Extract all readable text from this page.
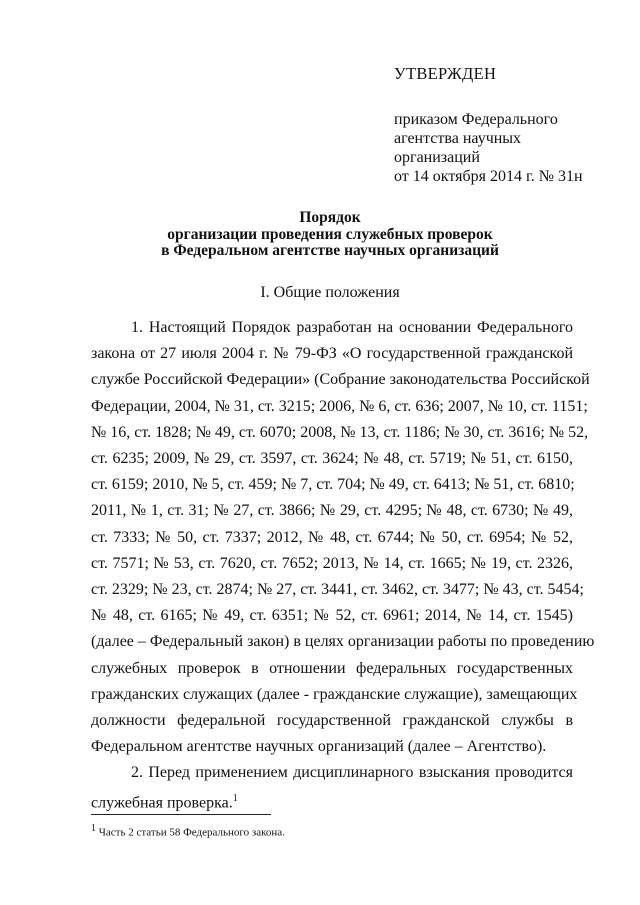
УТВЕРЖДЕН
приказом Федерального
агентства научных
организаций
от 14 октября 2014 г. № 31н
Порядок
организации проведения служебных проверок
в Федеральном агентстве научных организаций
I. Общие положения
1. Настоящий Порядок разработан на основании Федерального
закона от 27 июля 2004 г. № 79-ФЗ «О государственной гражданской
службе Российской Федерации» (Собрание законодательства Российской
Федерации, 2004, № 31, ст. 3215; 2006, № 6, ст. 636; 2007, № 10, ст. 1151;
№ 16, ст. 1828; № 49, ст. 6070; 2008, № 13, ст. 1186; № 30, ст. 3616; № 52,
ст. 6235; 2009, № 29, ст. 3597, ст. 3624; № 48, ст. 5719; № 51, ст. 6150,
ст. 6159; 2010, № 5, ст. 459; № 7, ст. 704; № 49, ст. 6413; № 51, ст. 6810;
2011, № 1, ст. 31; № 27, ст. 3866; № 29, ст. 4295; № 48, ст. 6730; № 49,
ст. 7333; № 50, ст. 7337; 2012, № 48, ст. 6744; № 50, ст. 6954; № 52,
ст. 7571; № 53, ст. 7620, ст. 7652; 2013, № 14, ст. 1665; № 19, ст. 2326,
ст. 2329; № 23, ст. 2874; № 27, ст. 3441, ст. 3462, ст. 3477; № 43, ст. 5454;
№ 48, ст. 6165; № 49, ст. 6351; № 52, ст. 6961; 2014, № 14, ст. 1545)
(далее – Федеральный закон) в целях организации работы по проведению
служебных проверок в отношении федеральных государственных
гражданских служащих (далее - гражданские служащие), замещающих
должности федеральной государственной гражданской службы в
Федеральном агентстве научных организаций (далее – Агентство).
2. Перед применением дисциплинарного взыскания проводится
служебная проверка.$^1$
$^1$ Часть 2 статьи 58 Федерального закона.
